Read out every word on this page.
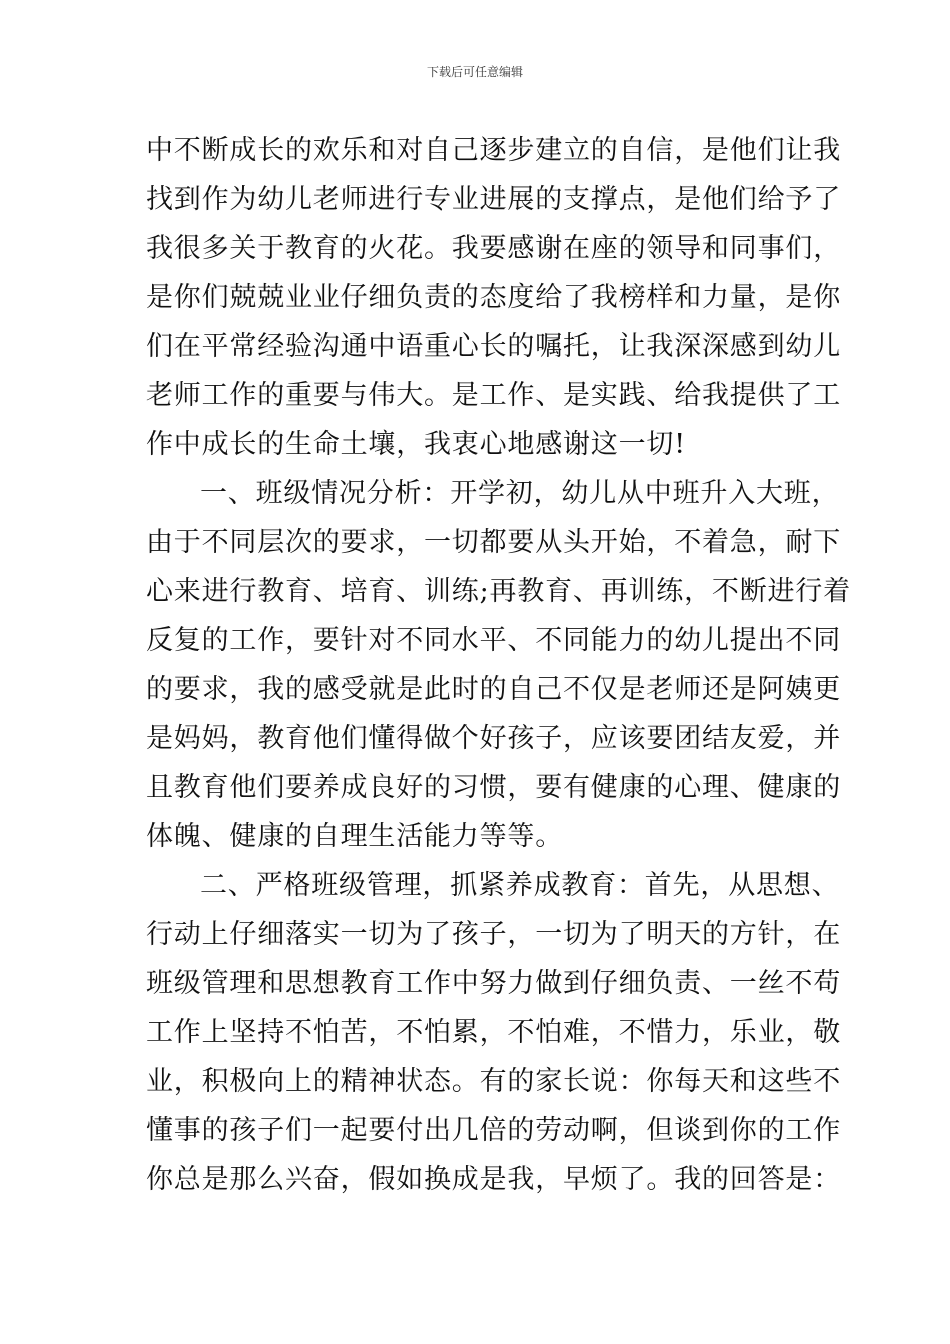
下载后可任意编辑
中不断成长的欢乐和对自己逐步建立的自信，是他们让我
找到作为幼儿老师进行专业进展的支撑点，是他们给予了
我很多关于教育的火花。我要感谢在座的领导和同事们，
是你们兢兢业业仔细负责的态度给了我榜样和力量，是你
们在平常经验沟通中语重心长的嘱托，让我深深感到幼儿
老师工作的重要与伟大。是工作、是实践、给我提供了工
作中成长的生命土壤，我衷心地感谢这一切!
一、班级情况分析：开学初，幼儿从中班升入大班，
由于不同层次的要求，一切都要从头开始，不着急，耐下
心来进行教育、培育、训练;再教育、再训练，不断进行着
反复的工作，要针对不同水平、不同能力的幼儿提出不同
的要求，我的感受就是此时的自己不仅是老师还是阿姨更
是妈妈，教育他们懂得做个好孩子，应该要团结友爱，并
且教育他们要养成良好的习惯，要有健康的心理、健康的
体魄、健康的自理生活能力等等。
二、严格班级管理，抓紧养成教育：首先，从思想、
行动上仔细落实一切为了孩子，一切为了明天的方针，在
班级管理和思想教育工作中努力做到仔细负责、一丝不苟
工作上坚持不怕苦，不怕累，不怕难，不惜力，乐业，敬
业，积极向上的精神状态。有的家长说：你每天和这些不
懂事的孩子们一起要付出几倍的劳动啊，但谈到你的工作
你总是那么兴奋，假如换成是我，早烦了。我的回答是：
